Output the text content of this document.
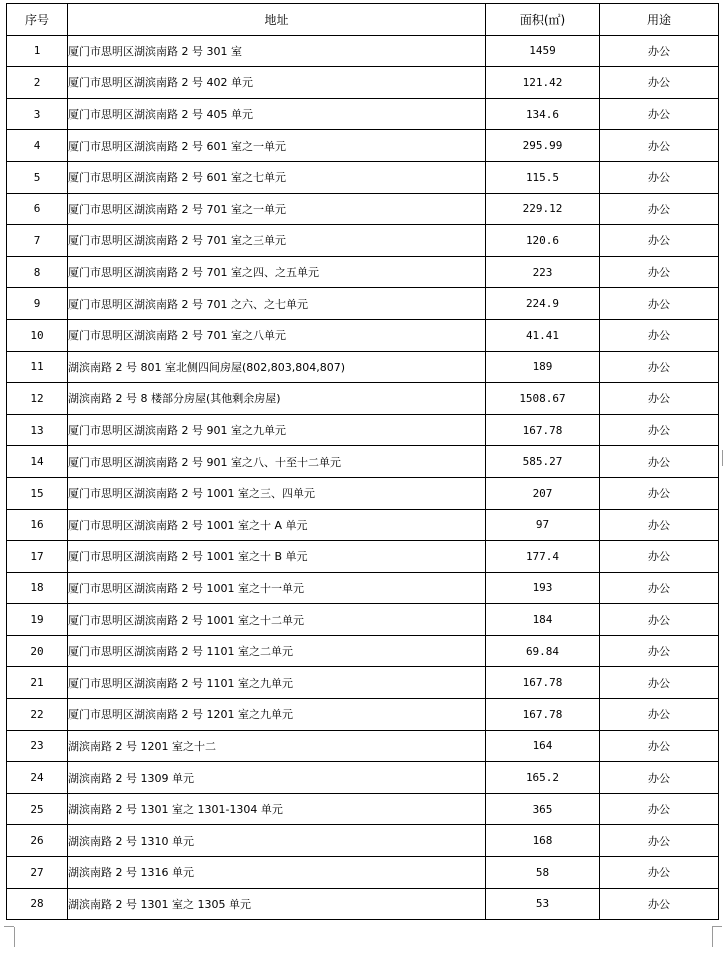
序号	地址	面积(㎡)	用途
1	厦门市思明区湖滨南路 2 号 301 室	1459	办公
2	厦门市思明区湖滨南路 2 号 402 单元	121.42	办公
3	厦门市思明区湖滨南路 2 号 405 单元	134.6	办公
4	厦门市思明区湖滨南路 2 号 601 室之一单元	295.99	办公
5	厦门市思明区湖滨南路 2 号 601 室之七单元	115.5	办公
6	厦门市思明区湖滨南路 2 号 701 室之一单元	229.12	办公
7	厦门市思明区湖滨南路 2 号 701 室之三单元	120.6	办公
8	厦门市思明区湖滨南路 2 号 701 室之四、之五单元	223	办公
9	厦门市思明区湖滨南路 2 号 701 之六、之七单元	224.9	办公
10	厦门市思明区湖滨南路 2 号 701 室之八单元	41.41	办公
11	湖滨南路 2 号 801 室北侧四间房屋(802,803,804,807)	189	办公
12	湖滨南路 2 号 8 楼部分房屋(其他剩余房屋)	1508.67	办公
13	厦门市思明区湖滨南路 2 号 901 室之九单元	167.78	办公
14	厦门市思明区湖滨南路 2 号 901 室之八、十至十二单元	585.27	办公
15	厦门市思明区湖滨南路 2 号 1001 室之三、四单元	207	办公
16	厦门市思明区湖滨南路 2 号 1001 室之十 A 单元	97	办公
17	厦门市思明区湖滨南路 2 号 1001 室之十 B 单元	177.4	办公
18	厦门市思明区湖滨南路 2 号 1001 室之十一单元	193	办公
19	厦门市思明区湖滨南路 2 号 1001 室之十二单元	184	办公
20	厦门市思明区湖滨南路 2 号 1101 室之二单元	69.84	办公
21	厦门市思明区湖滨南路 2 号 1101 室之九单元	167.78	办公
22	厦门市思明区湖滨南路 2 号 1201 室之九单元	167.78	办公
23	湖滨南路 2 号 1201 室之十二	164	办公
24	湖滨南路 2 号 1309 单元	165.2	办公
25	湖滨南路 2 号 1301 室之 1301-1304 单元	365	办公
26	湖滨南路 2 号 1310 单元	168	办公
27	湖滨南路 2 号 1316 单元	58	办公
28	湖滨南路 2 号 1301 室之 1305 单元	53	办公
